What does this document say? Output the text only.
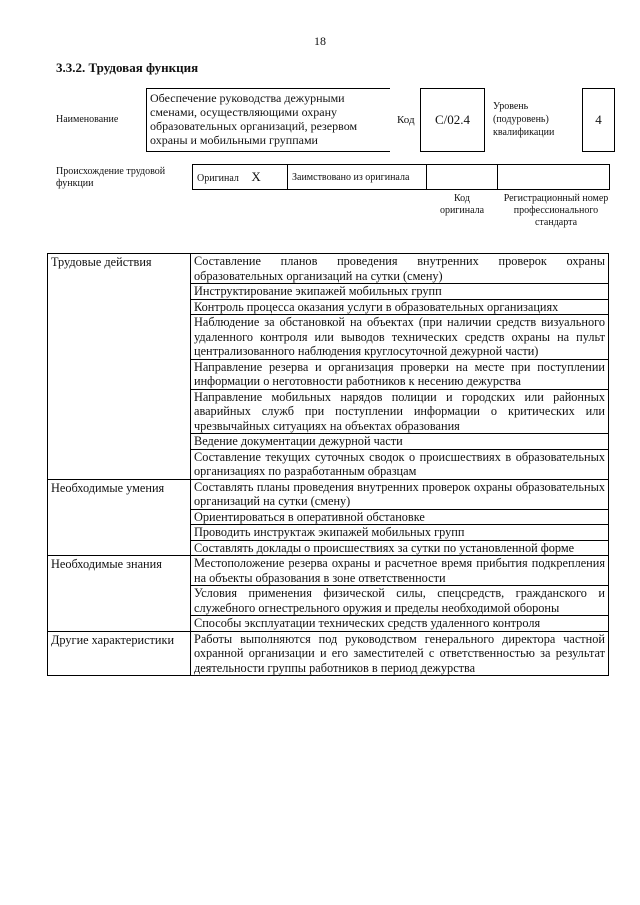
18
3.3.2. Трудовая функция
Наименование
Обеспечение руководства дежурными сменами, осуществляющими охрану образовательных организаций, резервом охраны и мобильными группами
Код	C/02.4
Уровень (подуровень) квалификации
4
Происхождение трудовой функции	Оригинал X	Заимствовано из оригинала		
Код оригинала
Регистрационный номер профессионального стандарта
Трудовые действия	Составление планов проведения внутренних проверок охраны образовательных организаций на сутки (смену)
	Инструктирование экипажей мобильных групп
	Контроль процесса оказания услуги в образовательных организациях
	Наблюдение за обстановкой на объектах (при наличии средств визуального удаленного контроля или выводов технических средств охраны на пульт централизованного наблюдения круглосуточной дежурной части)
	Направление резерва и организация проверки на месте при поступлении информации о неготовности работников к несению дежурства
	Направление мобильных нарядов полиции и городских или районных аварийных служб при поступлении информации о критических или чрезвычайных ситуациях на объектах образования
	Ведение документации дежурной части
	Составление текущих суточных сводок о происшествиях в образовательных организациях по разработанным образцам
Необходимые умения	Составлять планы проведения внутренних проверок охраны образовательных организаций на сутки (смену)
	Ориентироваться в оперативной обстановке
	Проводить инструктаж экипажей мобильных групп
	Составлять доклады о происшествиях за сутки по установленной форме
Необходимые знания	Местоположение резерва охраны и расчетное время прибытия подкрепления на объекты образования в зоне ответственности
	Условия применения физической силы, спецсредств, гражданского и служебного огнестрельного оружия и пределы необходимой обороны
	Способы эксплуатации технических средств удаленного контроля
Другие характеристики	Работы выполняются под руководством генерального директора частной охранной организации и его заместителей с ответственностью за результат деятельности группы работников в период дежурства
